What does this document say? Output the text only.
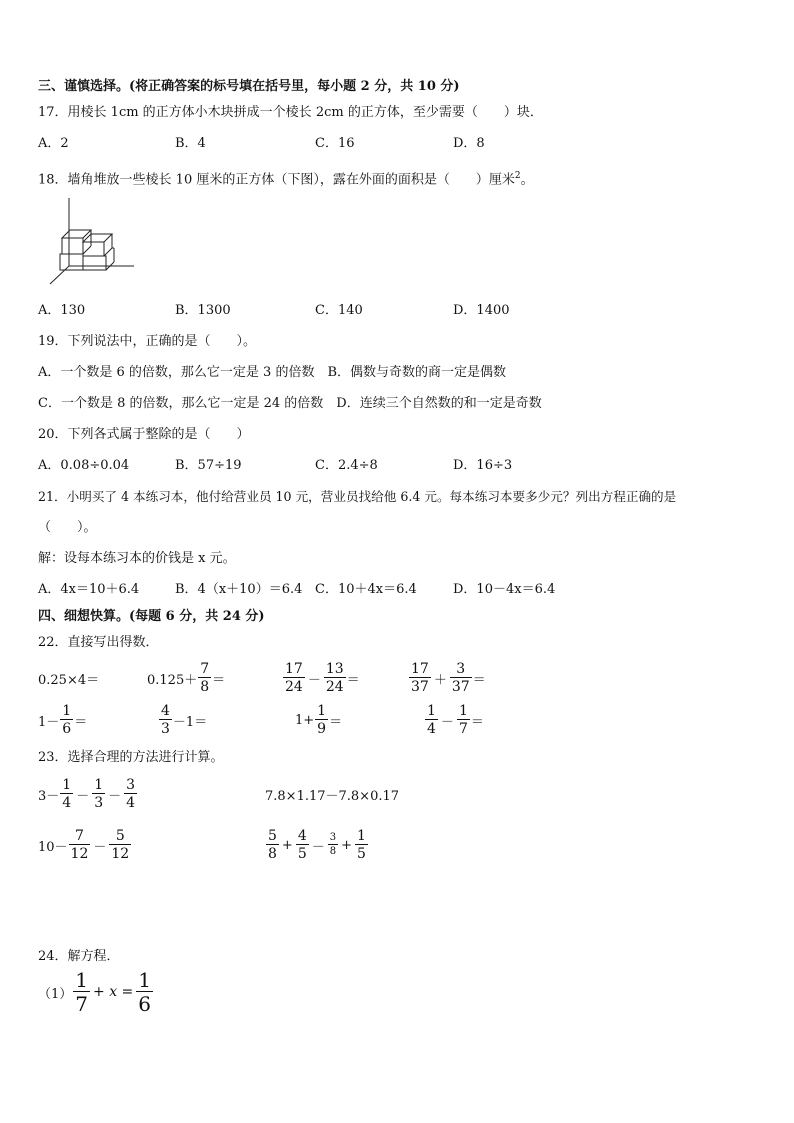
三、谨慎选择。(将正确答案的标号填在括号里，每小题 2 分，共 10 分)
17．用棱长 1cm 的正方体小木块拼成一个棱长 2cm 的正方体，至少需要（　　）块．
A．2	B．4	C．16	D．8
18．墙角堆放一些棱长 10 厘米的正方体（下图），露在外面的面积是（　　）厘米$^2$。
A．130	B．1300	C．140	D．1400
19．下列说法中，正确的是（　　）。
A．一个数是 6 的倍数，那么它一定是 3 的倍数　B．偶数与奇数的商一定是偶数
C．一个数是 8 的倍数，那么它一定是 24 的倍数　D．连续三个自然数的和一定是奇数
20．下列各式属于整除的是（　　）
A．0.08÷0.04	B．57÷19	C．2.4÷8	D．16÷3
21．小明买了 4 本练习本，他付给营业员 10 元，营业员找给他 6.4 元。每本练习本要多少元？列出方程正确的是
（　　）。
解：设每本练习本的价钱是 x 元。
A．4x＝10＋6.4	B．4（x＋10）＝6.4 C．10＋4x＝6.4	D．10－4x＝6.4
四、细想快算。(每题 6 分，共 24 分)
22．直接写出得数．
0.25×4＝	$0.125+ \frac{7}{8}$ ＝	$\frac{17}{24} - \frac{13}{24}$ ＝	$\frac{17}{37} + \frac{3}{37}$ ＝
$1- \frac{1}{6}$ ＝	$\frac{4}{3} -1=$	$1+ \frac{1}{9}$ ＝	$\frac{1}{4} - \frac{1}{7}$ ＝
23．选择合理的方法进行计算。
$3- \frac{1}{4} - \frac{1}{3} - \frac{3}{4}$	7.8×1.17－7.8×0.17
$10- \frac{7}{12} - \frac{5}{12}$	$\frac{5}{8} + \frac{4}{5} - \frac{3}{8} + \frac{1}{5}$
24．解方程．
$(1) \frac{1}{7} + x = \frac{1}{6}$
